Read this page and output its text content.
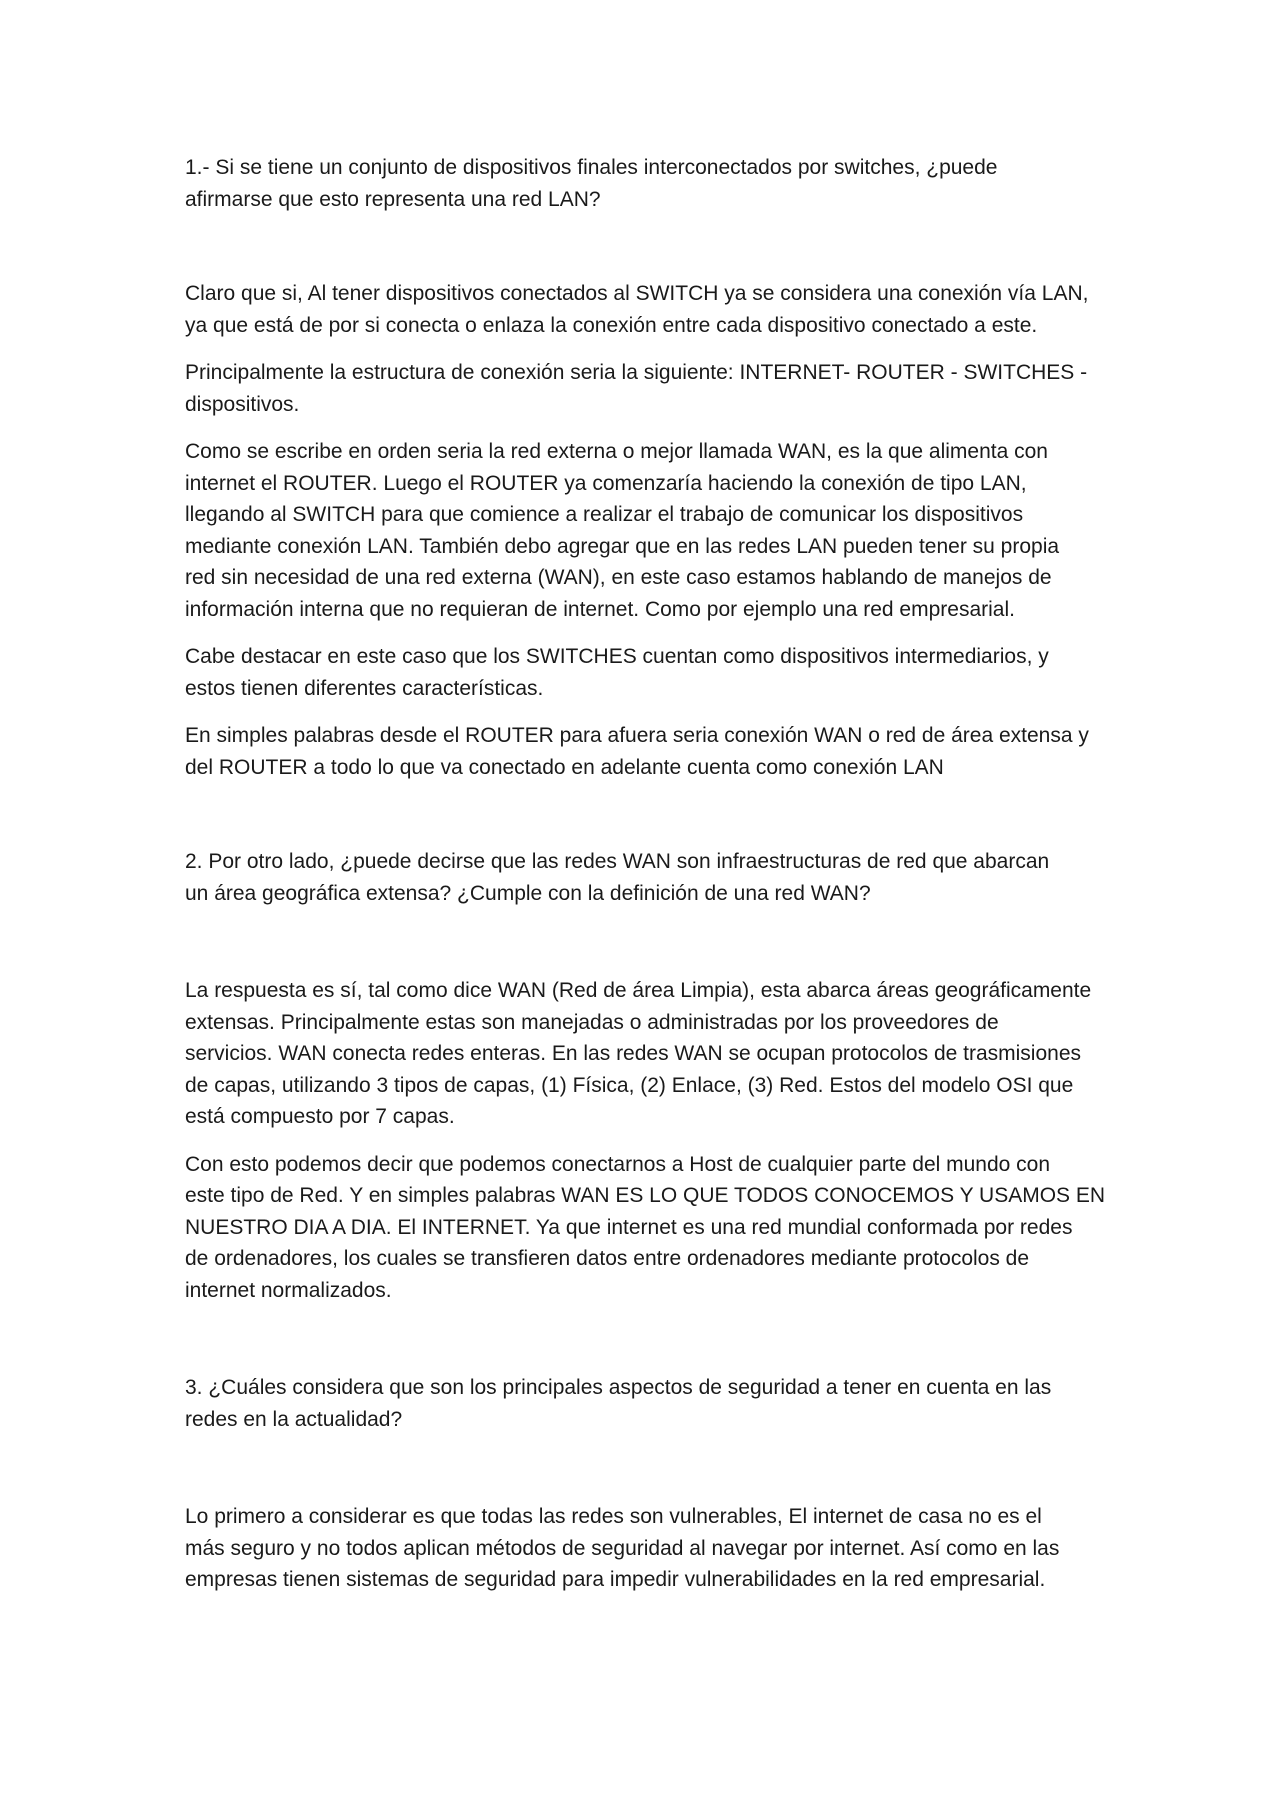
1.- Si se tiene un conjunto de dispositivos finales interconectados por switches, ¿puede
afirmarse que esto representa una red LAN?

Claro que si, Al tener dispositivos conectados al SWITCH ya se considera una conexión vía LAN,
ya que está de por si conecta o enlaza la conexión entre cada dispositivo conectado a este.

Principalmente la estructura de conexión seria la siguiente: INTERNET- ROUTER - SWITCHES -
dispositivos.

Como se escribe en orden seria la red externa o mejor llamada WAN, es la que alimenta con
internet el ROUTER. Luego el ROUTER ya comenzaría haciendo la conexión de tipo LAN,
llegando al SWITCH para que comience a realizar el trabajo de comunicar los dispositivos
mediante conexión LAN. También debo agregar que en las redes LAN pueden tener su propia
red sin necesidad de una red externa (WAN), en este caso estamos hablando de manejos de
información interna que no requieran de internet. Como por ejemplo una red empresarial.

Cabe destacar en este caso que los SWITCHES cuentan como dispositivos intermediarios, y
estos tienen diferentes características.

En simples palabras desde el ROUTER para afuera seria conexión WAN o red de área extensa y
del ROUTER a todo lo que va conectado en adelante cuenta como conexión LAN

2. Por otro lado, ¿puede decirse que las redes WAN son infraestructuras de red que abarcan
un área geográfica extensa? ¿Cumple con la definición de una red WAN?

La respuesta es sí, tal como dice WAN (Red de área Limpia), esta abarca áreas geográficamente
extensas. Principalmente estas son manejadas o administradas por los proveedores de
servicios. WAN conecta redes enteras. En las redes WAN se ocupan protocolos de trasmisiones
de capas, utilizando 3 tipos de capas, (1) Física, (2) Enlace, (3) Red. Estos del modelo OSI que
está compuesto por 7 capas.

Con esto podemos decir que podemos conectarnos a Host de cualquier parte del mundo con
este tipo de Red. Y en simples palabras WAN ES LO QUE TODOS CONOCEMOS Y USAMOS EN
NUESTRO DIA A DIA. El INTERNET. Ya que internet es una red mundial conformada por redes
de ordenadores, los cuales se transfieren datos entre ordenadores mediante protocolos de
internet normalizados.

3. ¿Cuáles considera que son los principales aspectos de seguridad a tener en cuenta en las
redes en la actualidad?

Lo primero a considerar es que todas las redes son vulnerables, El internet de casa no es el
más seguro y no todos aplican métodos de seguridad al navegar por internet. Así como en las
empresas tienen sistemas de seguridad para impedir vulnerabilidades en la red empresarial.
